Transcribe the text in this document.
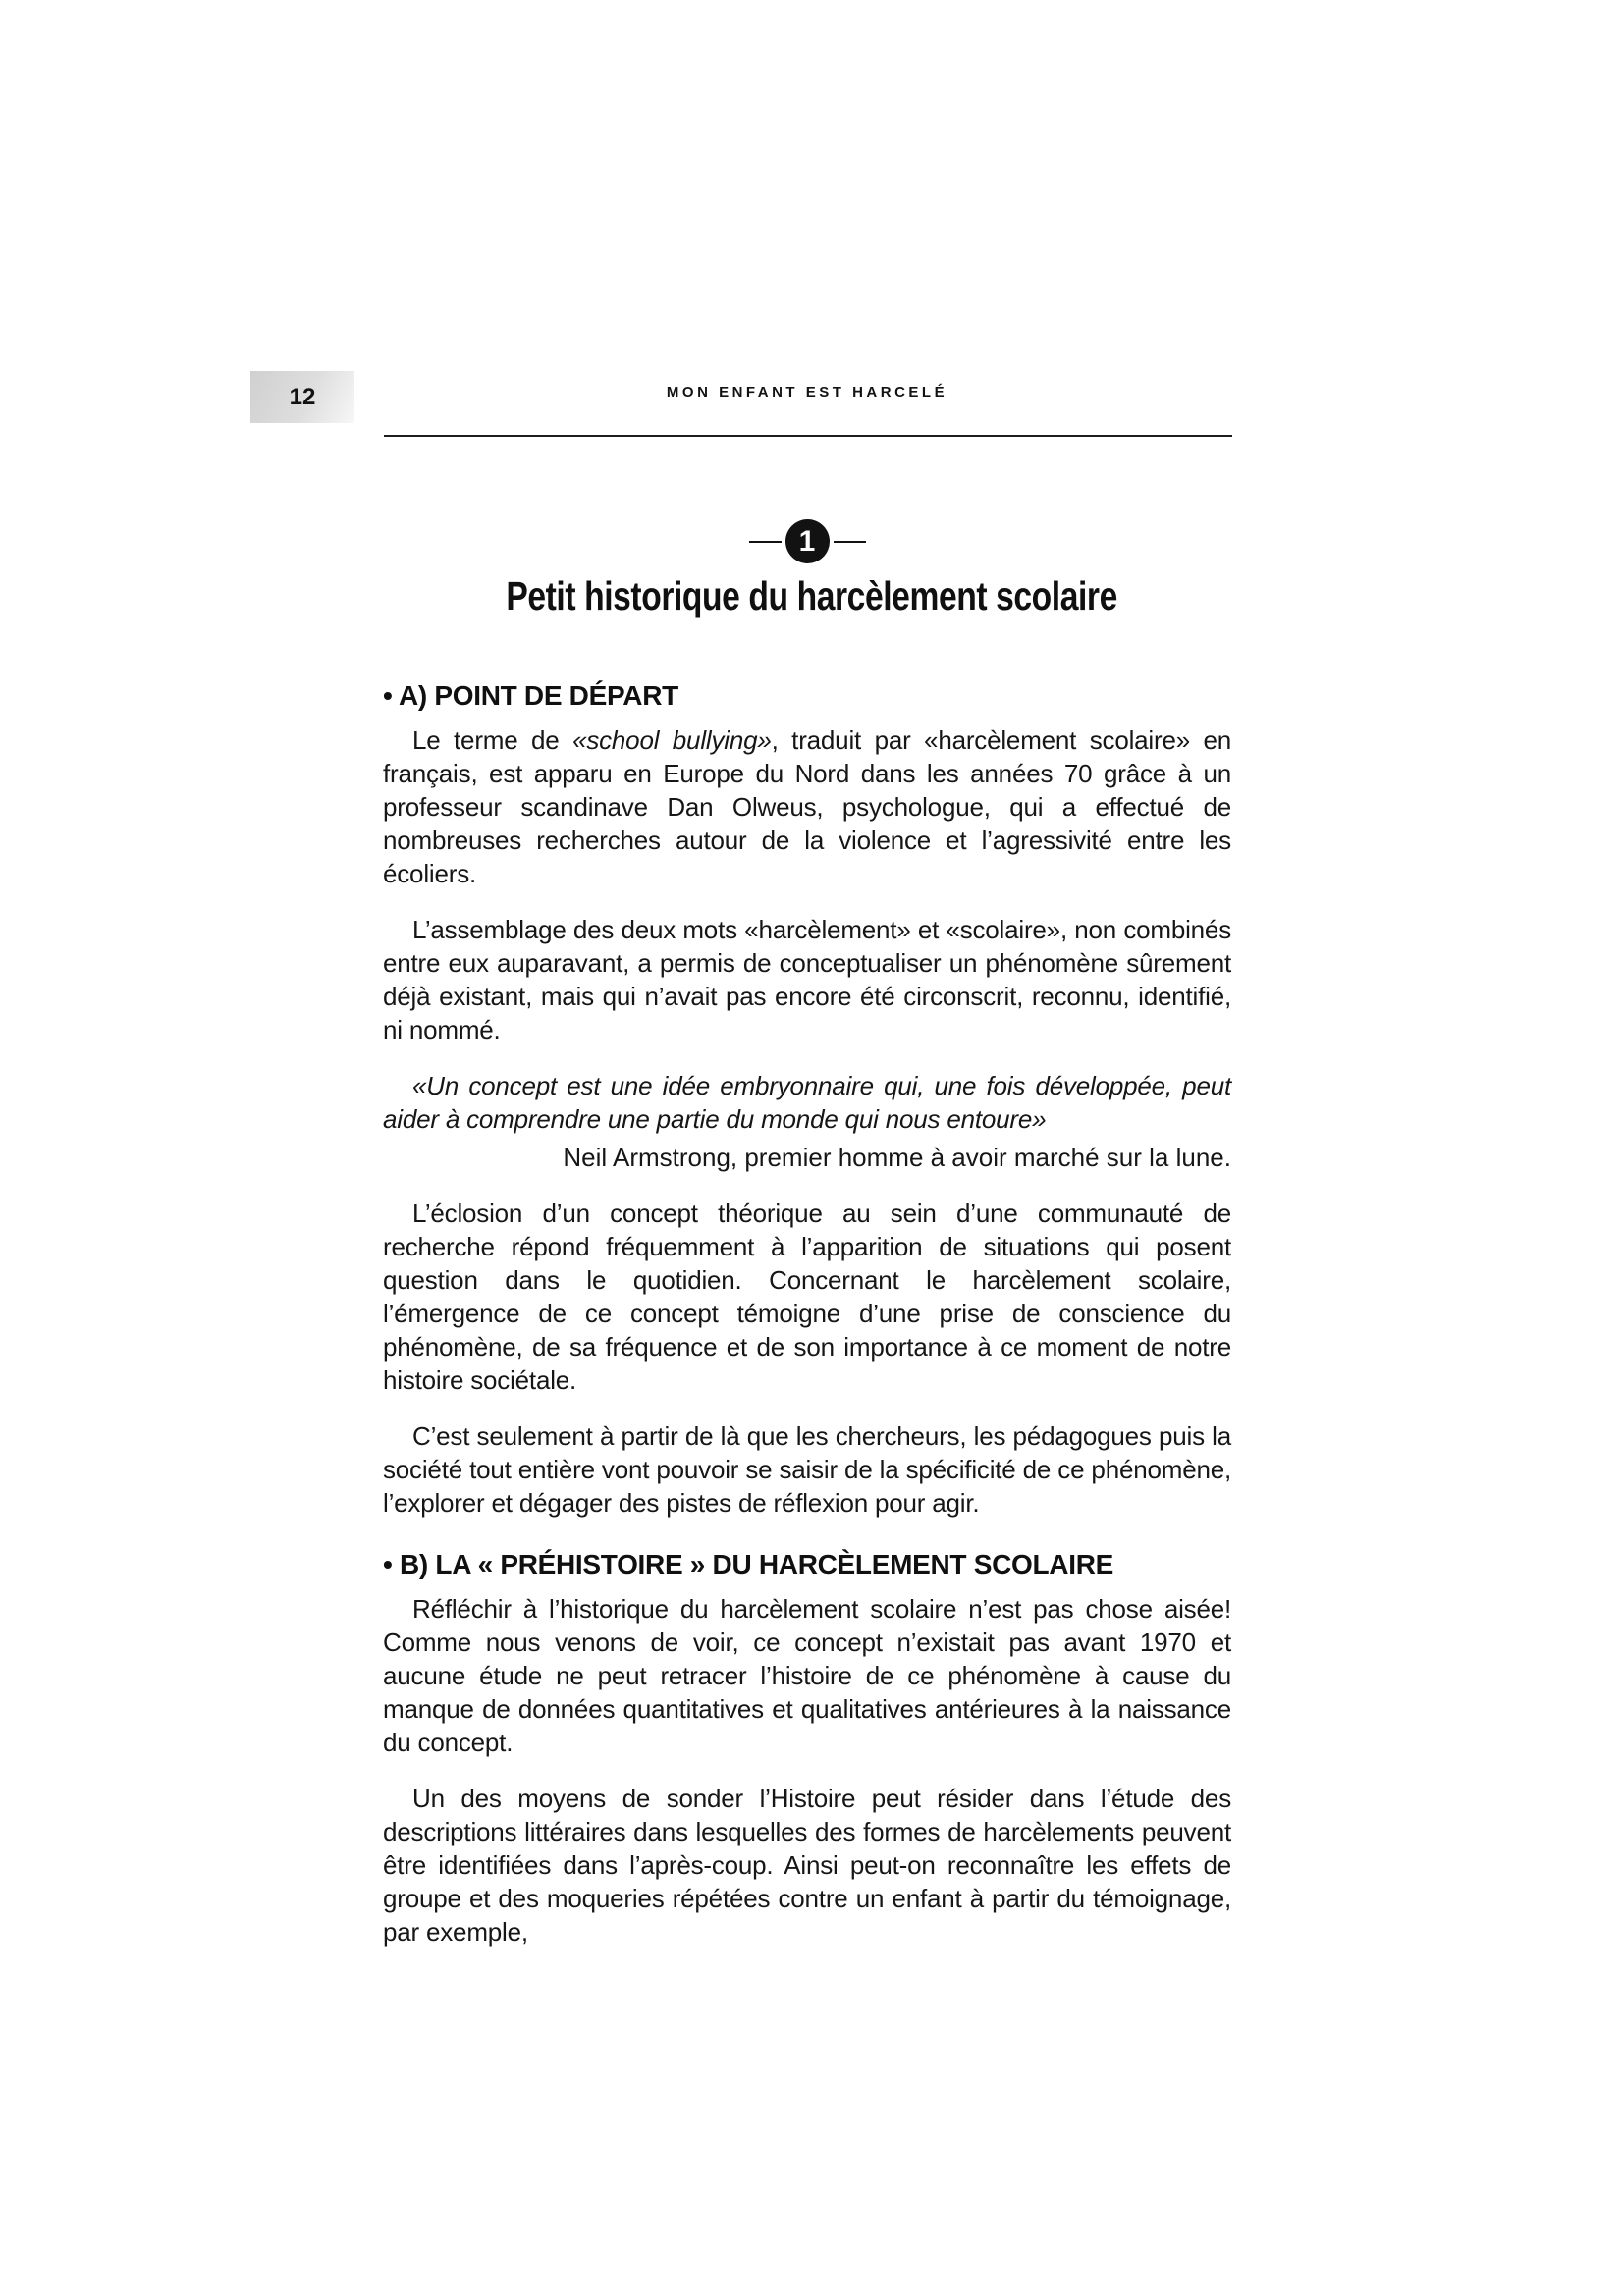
12	MON ENFANT EST HARCELÉ
1
Petit historique du harcèlement scolaire
• A) POINT DE DÉPART

Le terme de «school bullying», traduit par «harcèlement scolaire» en français, est apparu en Europe du Nord dans les années 70 grâce à un professeur scandinave Dan Olweus, psychologue, qui a effectué de nombreuses recherches autour de la violence et l’agressivité entre les écoliers.

L’assemblage des deux mots «harcèlement» et «scolaire», non combinés entre eux auparavant, a permis de conceptualiser un phénomène sûrement déjà existant, mais qui n’avait pas encore été circonscrit, reconnu, identifié, ni nommé.

«Un concept est une idée embryonnaire qui, une fois développée, peut aider à comprendre une partie du monde qui nous entoure»

Neil Armstrong, premier homme à avoir marché sur la lune.

L’éclosion d’un concept théorique au sein d’une communauté de recherche répond fréquemment à l’apparition de situations qui posent question dans le quotidien. Concernant le harcèlement scolaire, l’émergence de ce concept témoigne d’une prise de conscience du phénomène, de sa fréquence et de son importance à ce moment de notre histoire sociétale.

C’est seulement à partir de là que les chercheurs, les pédagogues puis la société tout entière vont pouvoir se saisir de la spécificité de ce phénomène, l’explorer et dégager des pistes de réflexion pour agir.

• B) LA « PRÉHISTOIRE » DU HARCÈLEMENT SCOLAIRE

Réfléchir à l’historique du harcèlement scolaire n’est pas chose aisée! Comme nous venons de voir, ce concept n’existait pas avant 1970 et aucune étude ne peut retracer l’histoire de ce phénomène à cause du manque de données quantitatives et qualitatives antérieures à la naissance du concept.

Un des moyens de sonder l’Histoire peut résider dans l’étude des descriptions littéraires dans lesquelles des formes de harcèlements peuvent être identifiées dans l’après-coup. Ainsi peut-on reconnaître les effets de groupe et des moqueries répétées contre un enfant à partir du témoignage, par exemple,
